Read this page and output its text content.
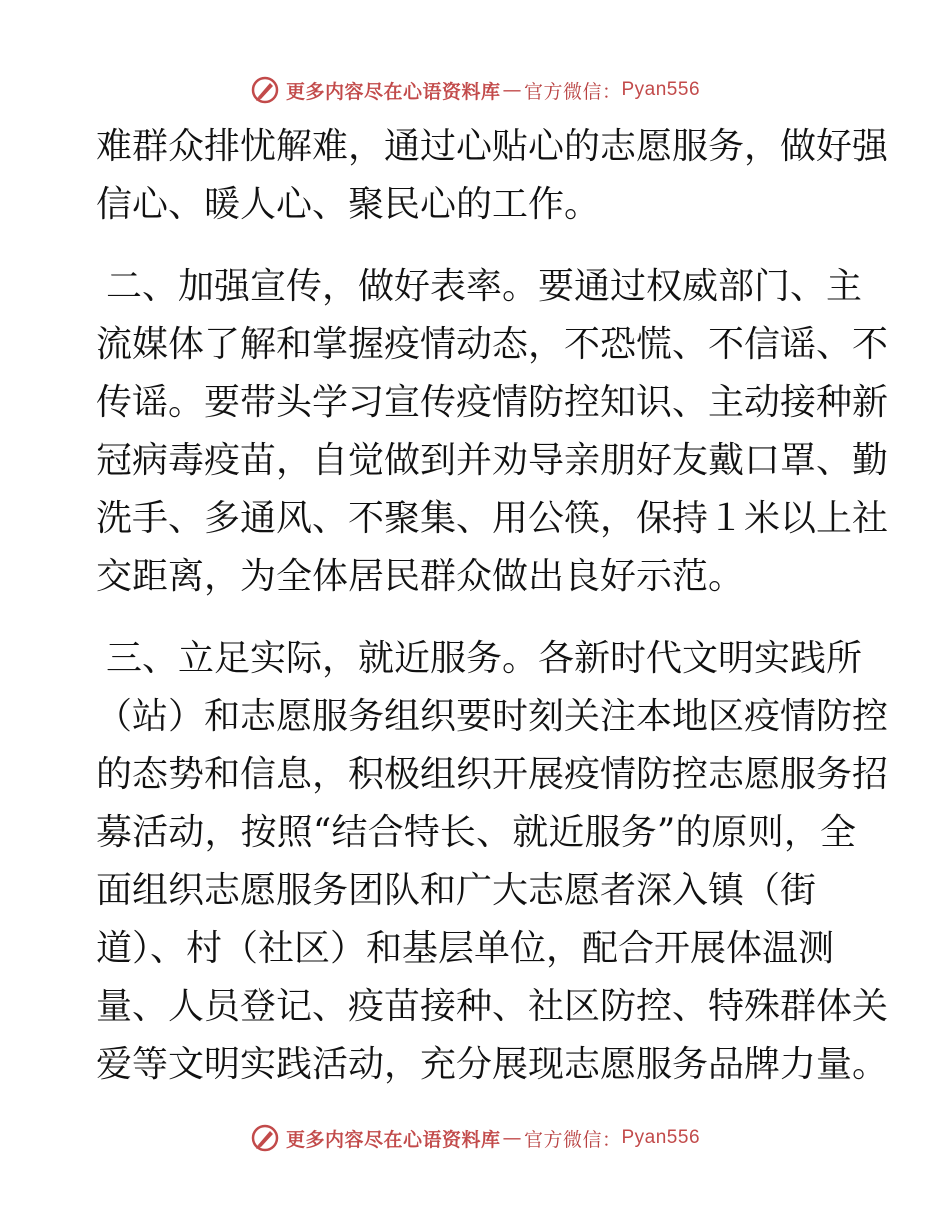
更多内容尽在心语资料库 — 官方微信： Pyan556
难群众排忧解难，通过心贴心的志愿服务，做好强
信心、暖人心、聚民心的工作。
二、加强宣传，做好表率。要通过权威部门、主
流媒体了解和掌握疫情动态，不恐慌、不信谣、不
传谣。要带头学习宣传疫情防控知识、主动接种新
冠病毒疫苗，自觉做到并劝导亲朋好友戴口罩、勤
洗手、多通风、不聚集、用公筷，保持１米以上社
交距离，为全体居民群众做出良好示范。
三、立足实际，就近服务。各新时代文明实践所
（站）和志愿服务组织要时刻关注本地区疫情防控
的态势和信息，积极组织开展疫情防控志愿服务招
募活动，按照“结合特长、就近服务”的原则，全
面组织志愿服务团队和广大志愿者深入镇（街
道）、村（社区）和基层单位，配合开展体温测
量、人员登记、疫苗接种、社区防控、特殊群体关
爱等文明实践活动，充分展现志愿服务品牌力量。
更多内容尽在心语资料库 — 官方微信： Pyan556
